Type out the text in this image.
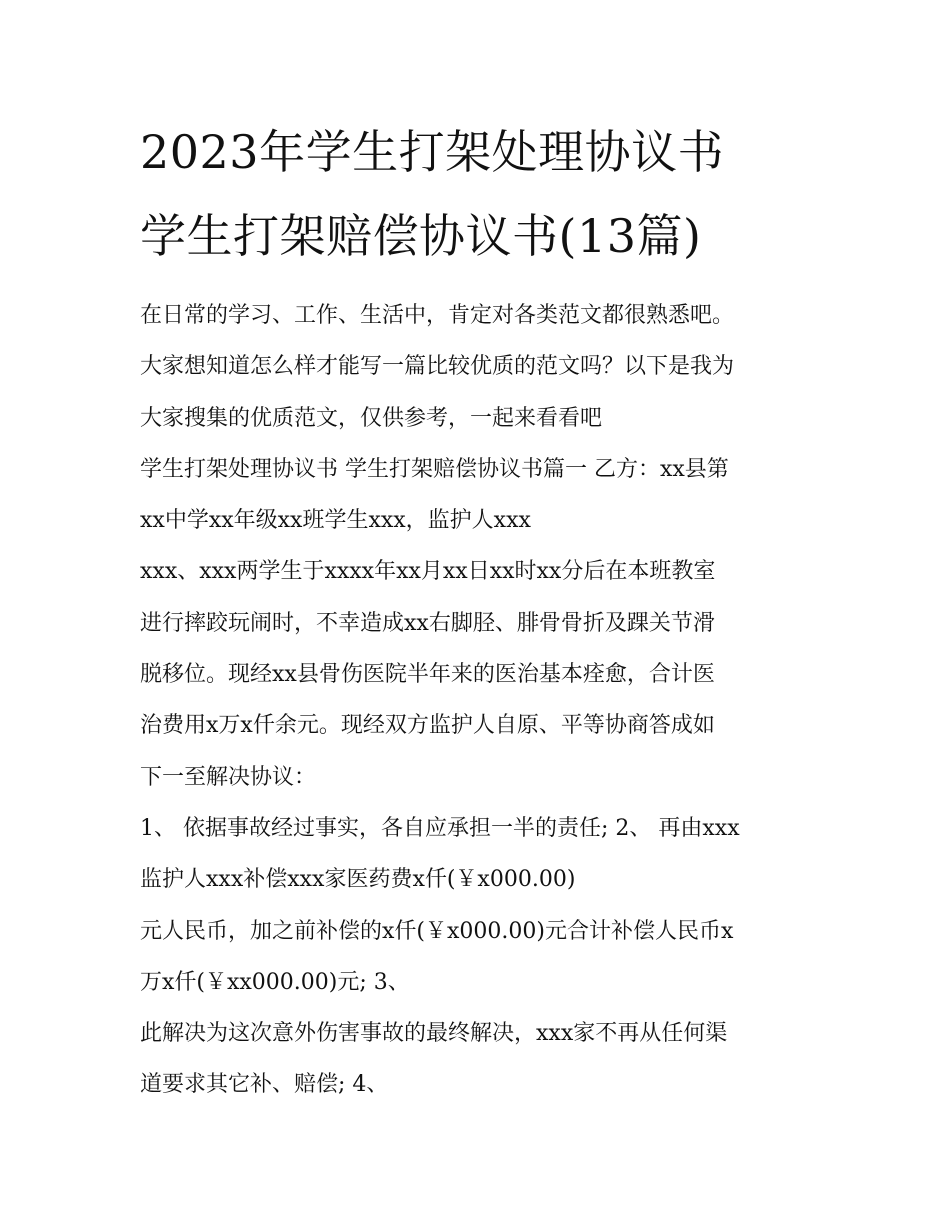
2023年学生打架处理协议书
学生打架赔偿协议书(13篇)

在日常的学习、工作、生活中，肯定对各类范文都很熟悉吧。

大家想知道怎么样才能写一篇比较优质的范文吗？以下是我为

大家搜集的优质范文，仅供参考，一起来看看吧

学生打架处理协议书 学生打架赔偿协议书篇一 乙方：xx县第

xx中学xx年级xx班学生xxx，监护人xxx

xxx、xxx两学生于xxxx年xx月xx日xx时xx分后在本班教室

进行摔跤玩闹时，不幸造成xx右脚胫、腓骨骨折及踝关节滑

脱移位。现经xx县骨伤医院半年来的医治基本痊愈，合计医

治费用x万x仟余元。现经双方监护人自原、平等协商答成如

下一至解决协议：

1、 依据事故经过事实，各自应承担一半的责任; 2、 再由xxx

监护人xxx补偿xxx家医药费x仟(￥x000.00)

元人民币，加之前补偿的x仟(￥x000.00)元合计补偿人民币x

万x仟(￥xx000.00)元; 3、

此解决为这次意外伤害事故的最终解决，xxx家不再从任何渠

道要求其它补、赔偿; 4、
